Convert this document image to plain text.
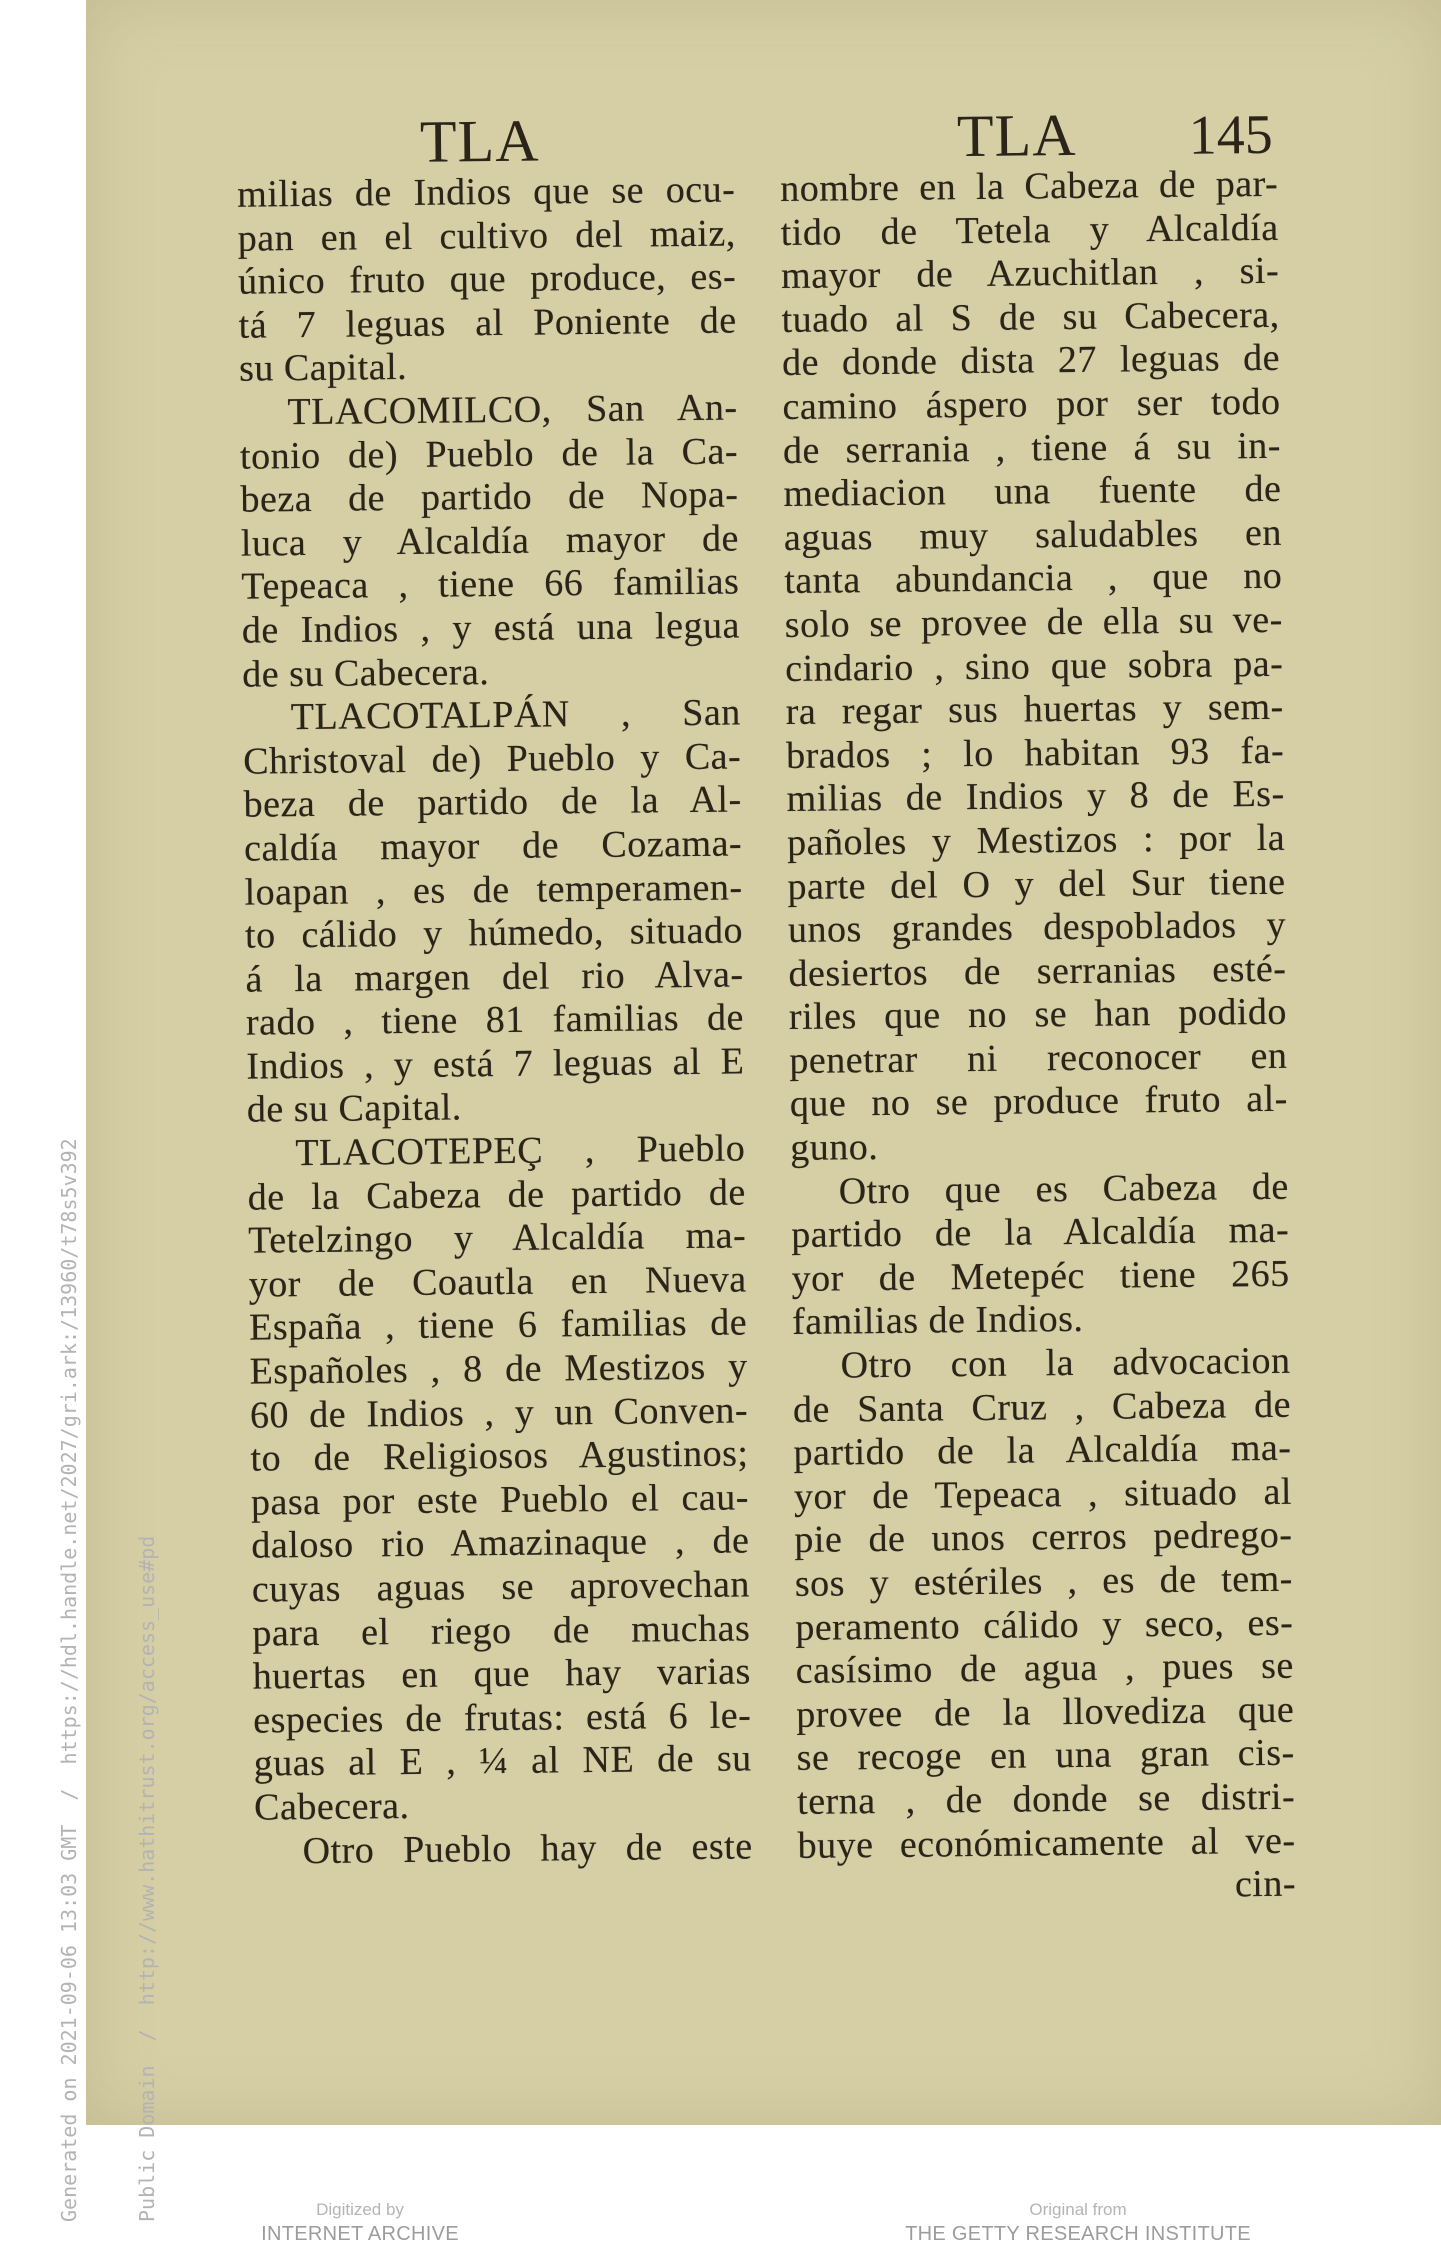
TLA	TLA	145
milias de Indios que se ocu-
pan en el cultivo del maiz,
único fruto que produce, es-
tá 7 leguas al Poniente de
su Capital.
TLACOMILCO, San An-
tonio de) Pueblo de la Ca-
beza de partido de Nopa-
luca y Alcaldía mayor de
Tepeaca , tiene 66 familias
de Indios , y está una legua
de su Cabecera.
TLACOTALPÁN , San
Christoval de) Pueblo y Ca-
beza de partido de la Al-
caldía mayor de Cozama-
loapan , es de temperamen-
to cálido y húmedo, situado
á la margen del rio Alva-
rado , tiene 81 familias de
Indios , y está 7 leguas al E
de su Capital.
TLACOTEPEÇ , Pueblo
de la Cabeza de partido de
Tetelzingo y Alcaldía ma-
yor de Coautla en Nueva
España , tiene 6 familias de
Españoles , 8 de Mestizos y
60 de Indios , y un Conven-
to de Religiosos Agustinos;
pasa por este Pueblo el cau-
daloso rio Amazinaque , de
cuyas aguas se aprovechan
para el riego de muchas
huertas en que hay varias
especies de frutas: está 6 le-
guas al E , ¼ al NE de su
Cabecera.
Otro Pueblo hay de este
nombre en la Cabeza de par-
tido de Tetela y Alcaldía
mayor de Azuchitlan , si-
tuado al S de su Cabecera,
de donde dista 27 leguas de
camino áspero por ser todo
de serrania , tiene á su in-
mediacion una fuente de
aguas muy saludables en
tanta abundancia , que no
solo se provee de ella su ve-
cindario , sino que sobra pa-
ra regar sus huertas y sem-
brados ; lo habitan 93 fa-
milias de Indios y 8 de Es-
pañoles y Mestizos : por la
parte del O y del Sur tiene
unos grandes despoblados y
desiertos de serranias esté-
riles que no se han podido
penetrar ni reconocer en
que no se produce fruto al-
guno.
Otro que es Cabeza de
partido de la Alcaldía ma-
yor de Metepéc tiene 265
familias de Indios.
Otro con la advocacion
de Santa Cruz , Cabeza de
partido de la Alcaldía ma-
yor de Tepeaca , situado al
pie de unos cerros pedrego-
sos y estériles , es de tem-
peramento cálido y seco, es-
casísimo de agua , pues se
provee de la llovediza que
se recoge en una gran cis-
terna , de donde se distri-
buye económicamente al ve-
cin-

Generated on 2021-09-06 13:03 GMT  /  https://hdl.handle.net/2027/gri.ark:/13960/t78s5v392

	Public Domain  /  http://www.hathitrust.org/access_use#pd	Digitized by
INTERNET ARCHIVE
Original from
THE GETTY RESEARCH INSTITUTE
